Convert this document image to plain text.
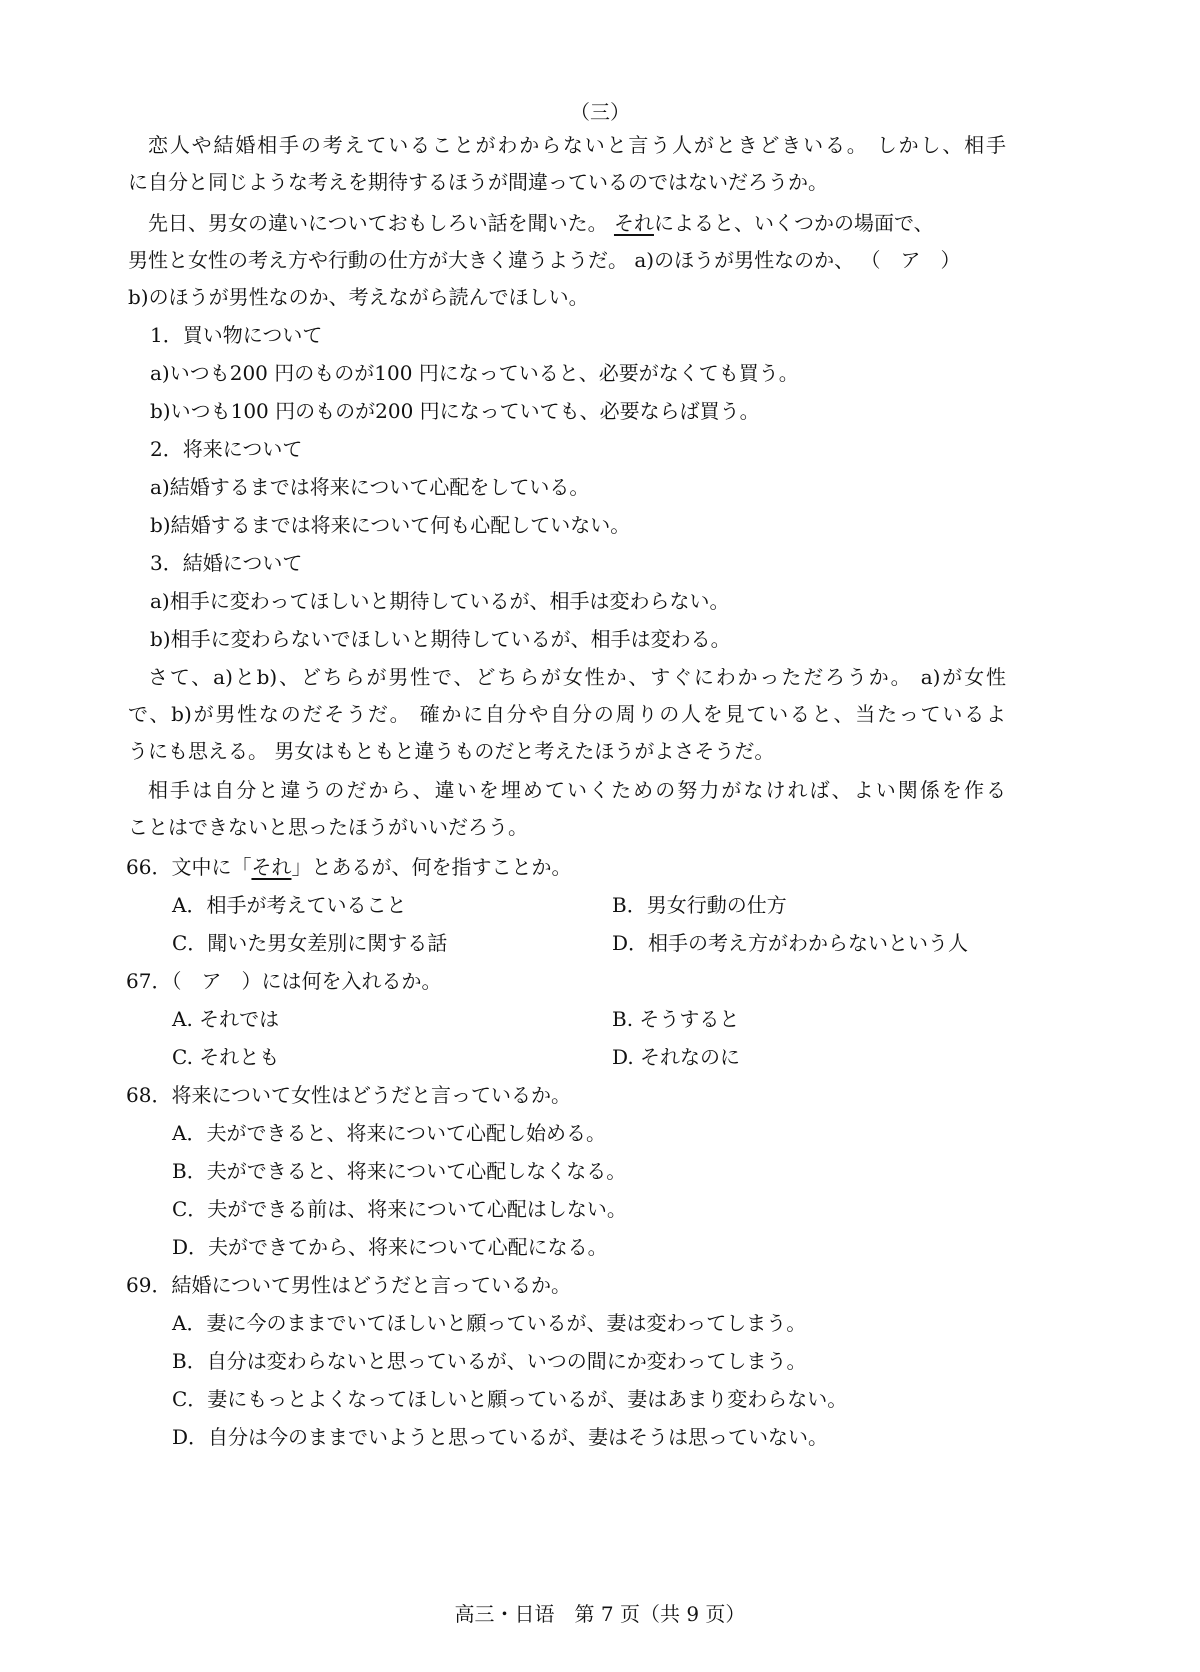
（三）
恋人や結婚相手の考えていることがわからないと言う人がときどきいる。 しかし、相手
に自分と同じような考えを期待するほうが間違っているのではないだろうか。
先日、男女の違いについておもしろい話を聞いた。 それによると、いくつかの場面で、
男性と女性の考え方や行動の仕方が大きく違うようだ。 a)のほうが男性なのか、 （　ア　）
b)のほうが男性なのか、考えながら読んでほしい。
1．買い物について
a)いつも200 円のものが100 円になっていると、必要がなくても買う。
b)いつも100 円のものが200 円になっていても、必要ならば買う。
2．将来について
a)結婚するまでは将来について心配をしている。
b)結婚するまでは将来について何も心配していない。
3．結婚について
a)相手に変わってほしいと期待しているが、相手は変わらない。
b)相手に変わらないでほしいと期待しているが、相手は変わる。
さて、a)とb)、どちらが男性で、どちらが女性か、すぐにわかっただろうか。 a)が女性
で、b)が男性なのだそうだ。 確かに自分や自分の周りの人を見ていると、当たっているよ
うにも思える。 男女はもともと違うものだと考えたほうがよさそうだ。
相手は自分と違うのだから、違いを埋めていくための努力がなければ、よい関係を作る
ことはできないと思ったほうがいいだろう。
66．文中に「それ」とあるが、何を指すことか。
A．相手が考えていること	B．男女行動の仕方
C．聞いた男女差別に関する話	D．相手の考え方がわからないという人
67．（　ア　）には何を入れるか。
A. それでは	B. そうすると
C. それとも	D. それなのに
68．将来について女性はどうだと言っているか。
A．夫ができると、将来について心配し始める。
B．夫ができると、将来について心配しなくなる。
C．夫ができる前は、将来について心配はしない。
D．夫ができてから、将来について心配になる。
69．結婚について男性はどうだと言っているか。
A．妻に今のままでいてほしいと願っているが、妻は変わってしまう。
B．自分は変わらないと思っているが、いつの間にか変わってしまう。
C．妻にもっとよくなってほしいと願っているが、妻はあまり変わらない。
D．自分は今のままでいようと思っているが、妻はそうは思っていない。
高三・日语　第 7 页（共 9 页）
